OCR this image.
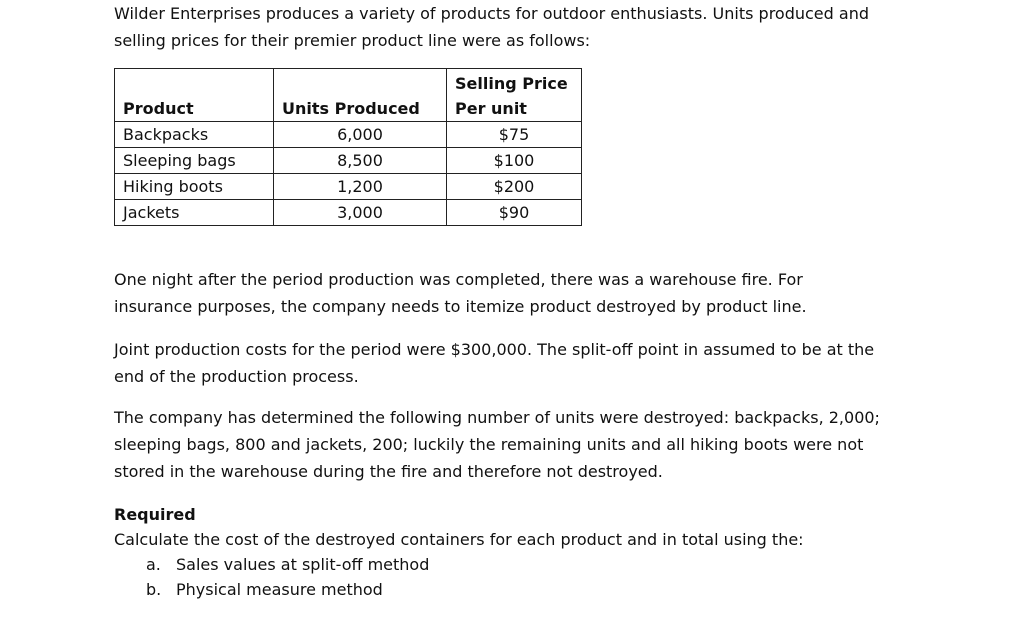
Wilder Enterprises produces a variety of products for outdoor enthusiasts. Units produced and
selling prices for their premier product line were as follows:

Product	Units Produced	Selling Price
Per unit

Backpacks	6,000	$75
Sleeping bags	8,500	$100
Hiking boots	1,200	$200
Jackets	3,000	$90

One night after the period production was completed, there was a warehouse fire. For
insurance purposes, the company needs to itemize product destroyed by product line.

Joint production costs for the period were $300,000. The split-off point in assumed to be at the
end of the production process.

The company has determined the following number of units were destroyed: backpacks, 2,000;
sleeping bags, 800 and jackets, 200; luckily the remaining units and all hiking boots were not
stored in the warehouse during the fire and therefore not destroyed.

Required
Calculate the cost of the destroyed containers for each product and in total using the:
a. Sales values at split-off method
b. Physical measure method
